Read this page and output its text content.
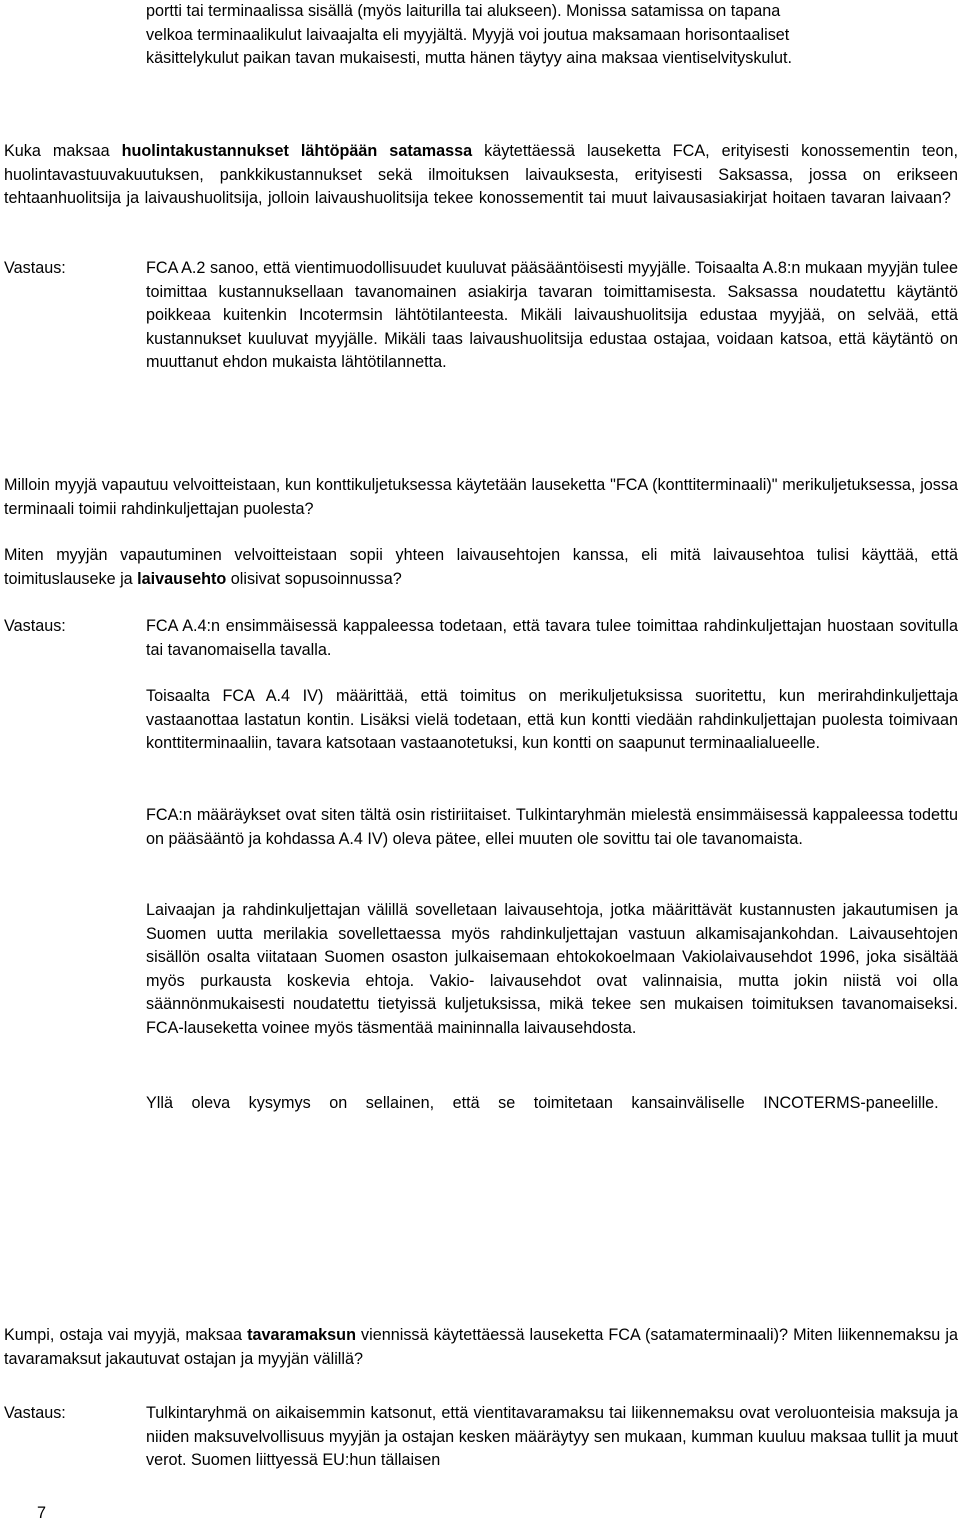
portti tai terminaalissa sisällä (myös laiturilla tai alukseen). Monissa satamissa on tapana
velkoa terminaalikulut laivaajalta eli myyjältä. Myyjä voi joutua maksamaan horisontaaliset
käsittelykulut paikan tavan mukaisesti, mutta hänen täytyy aina maksaa vientiselvityskulut.

Kuka maksaa huolintakustannukset lähtöpään satamassa käytettäessä lauseketta FCA, erityisesti konossementin teon, huolintavastuuvakuutuksen, pankkikustannukset sekä ilmoituksen laivauksesta, erityisesti Saksassa, jossa on erikseen tehtaanhuolitsija ja laivaushuolitsija, jolloin laivaushuolitsija tekee konossementit tai muut laivausasiakirjat hoitaen tavaran laivaan?

Vastaus:	FCA A.2 sanoo, että vientimuodollisuudet kuuluvat pääsääntöisesti myyjälle. Toisaalta A.8:n mukaan myyjän tulee toimittaa kustannuksellaan tavanomainen asiakirja tavaran toimittamisesta. Saksassa noudatettu käytäntö poikkeaa kuitenkin Incotermsin lähtötilanteesta. Mikäli laivaushuolitsija edustaa myyjää, on selvää, että kustannukset kuuluvat myyjälle. Mikäli taas laivaushuolitsija edustaa ostajaa, voidaan katsoa, että käytäntö on muuttanut ehdon mukaista lähtötilannetta.

Milloin myyjä vapautuu velvoitteistaan, kun konttikuljetuksessa käytetään lauseketta "FCA (konttiterminaali)" merikuljetuksessa, jossa terminaali toimii rahdinkuljettajan puolesta?

Miten myyjän vapautuminen velvoitteistaan sopii yhteen laivausehtojen kanssa, eli mitä laivausehtoa tulisi käyttää, että toimituslauseke ja laivausehto olisivat sopusoinnussa?

Vastaus:	FCA A.4:n ensimmäisessä kappaleessa todetaan, että tavara tulee toimittaa rahdinkuljettajan huostaan sovitulla tai tavanomaisella tavalla.

Toisaalta FCA A.4 IV) määrittää, että toimitus on merikuljetuksissa suoritettu, kun merirahdinkuljettaja vastaanottaa lastatun kontin. Lisäksi vielä todetaan, että kun kontti viedään rahdinkuljettajan puolesta toimivaan konttiterminaaliin, tavara katsotaan vastaanotetuksi, kun kontti on saapunut terminaalialueelle.

FCA:n määräykset ovat siten tältä osin ristiriitaiset. Tulkintaryhmän mielestä ensimmäisessä kappaleessa todettu on pääsääntö ja kohdassa A.4 IV) oleva pätee, ellei muuten ole sovittu tai ole tavanomaista.

Laivaajan ja rahdinkuljettajan välillä sovelletaan laivausehtoja, jotka määrittävät kustannusten jakautumisen ja Suomen uutta merilakia sovellettaessa myös rahdinkuljettajan vastuun alkamisajankohdan. Laivausehtojen sisällön osalta viitataan Suomen osaston julkaisemaan ehtokokoelmaan Vakiolaivausehdot 1996, joka sisältää myös purkausta koskevia ehtoja. Vakio- laivausehdot ovat valinnaisia, mutta jokin niistä voi olla säännönmukaisesti noudatettu tietyissä kuljetuksissa, mikä tekee sen mukaisen toimituksen tavanomaiseksi. FCA-lauseketta voinee myös täsmentää maininnalla laivausehdosta.

Yllä oleva kysymys on sellainen, että se toimitetaan kansainväliselle INCOTERMS-paneelille.

Kumpi, ostaja vai myyjä, maksaa tavaramaksun viennissä käytettäessä lauseketta FCA (satamaterminaali)? Miten liikennemaksu ja tavaramaksut jakautuvat ostajan ja myyjän välillä?

Vastaus:	Tulkintaryhmä on aikaisemmin katsonut, että vientitavaramaksu tai liikennemaksu ovat veroluonteisia maksuja ja niiden maksuvelvollisuus myyjän ja ostajan kesken määräytyy sen mukaan, kumman kuuluu maksaa tullit ja muut verot. Suomen liittyessä EU:hun tällaisen

7
